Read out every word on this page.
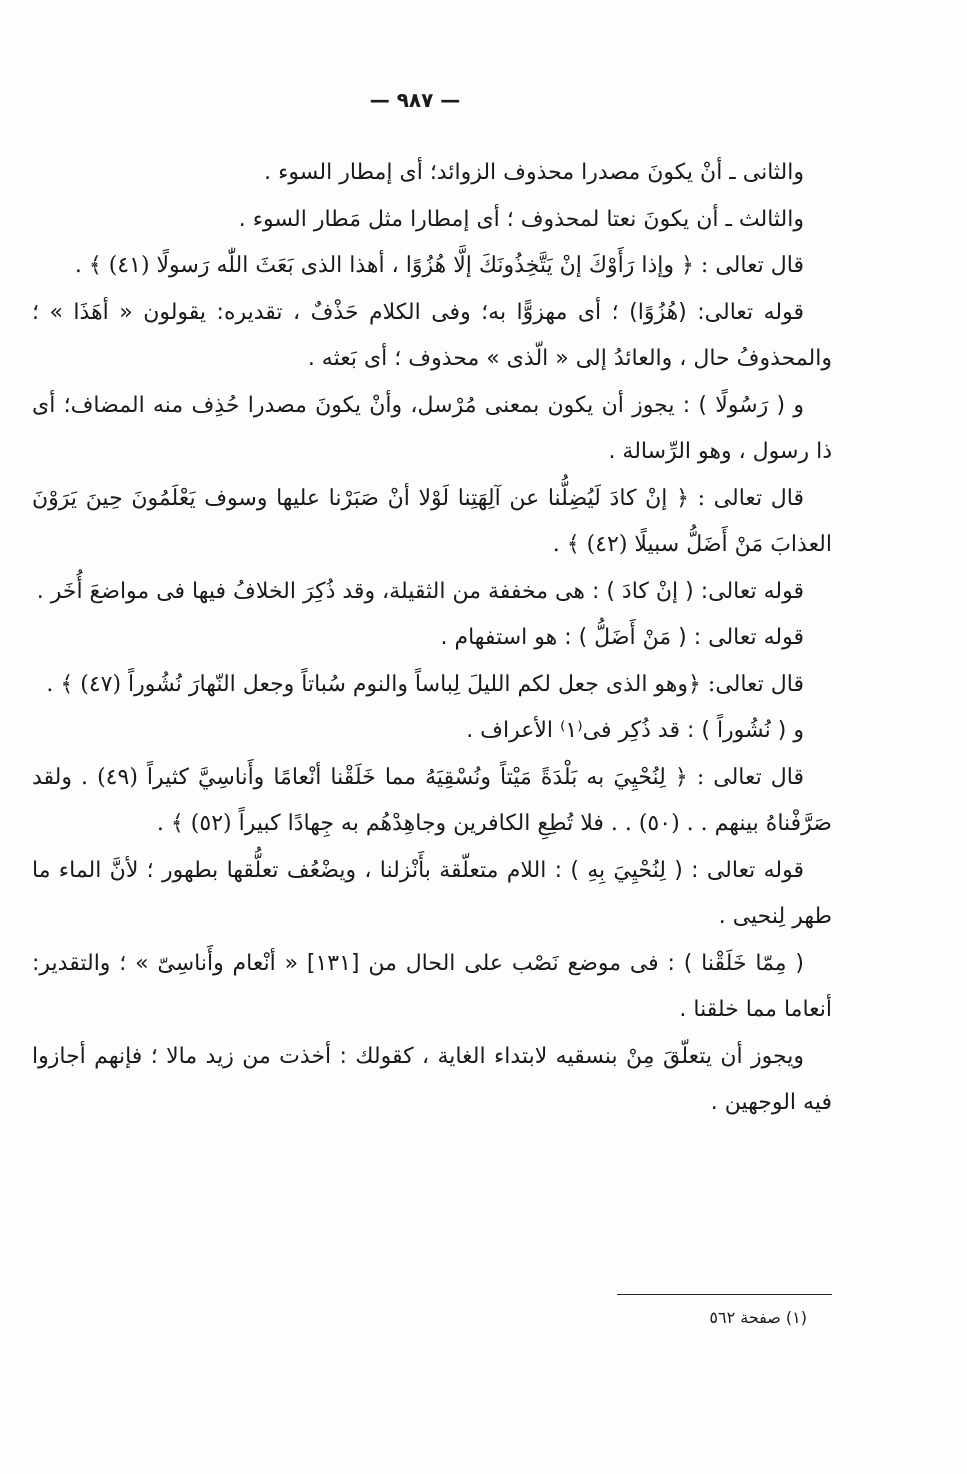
— ٩٨٧ —

والثانى ـ أنْ يكونَ مصدرا محذوف الزوائد؛ أى إمطار السوء .

والثالث ـ أن يكونَ نعتا لمحذوف ؛ أى إمطارا مثل مَطار السوء .

قال تعالى : ﴿ وإذا رَأَوْكَ إنْ يَتَّخِذُونَكَ إلَّا هُزُوًا ، أهذا الذى بَعَثَ اللّٰه رَسولًا (٤١) ﴾ .

قوله تعالى: (هُزُوًا) ؛ أى مهزوًّا به؛ وفى الكلام حَذْفٌ ، تقديره: يقولون « أهَذَا » ؛ والمحذوفُ حال ، والعائدُ إلى « الّذى » محذوف ؛ أى بَعثه .

و ( رَسُولًا ) : يجوز أن يكون بمعنى مُرْسل، وأنْ يكونَ مصدرا حُذِف منه المضاف؛ أى ذا رسول ، وهو الرِّسالة .

قال تعالى : ﴿ إنْ كادَ لَيُضِلُّنا عن آلِهَتِنا لَوْلا أنْ صَبَرْنا عليها وسوف يَعْلَمُونَ حِينَ يَرَوْنَ العذابَ مَنْ أَضَلُّ سبيلًا (٤٢) ﴾ .

قوله تعالى: ( إنْ كادَ ) : هى مخففة من الثقيلة، وقد ذُكِرَ الخلافُ فيها فى مواضعَ أُخَر .

قوله تعالى : ( مَنْ أَضَلُّ ) : هو استفهام .

قال تعالى: ﴿وهو الذى جعل لكم الليلَ لِباساً والنوم سُباتاً وجعل النّهارَ نُشُوراً (٤٧) ﴾ .

و ( نُشُوراً ) : قد ذُكِر فى⁽١⁾ الأعراف .

قال تعالى : ﴿ لِنُحْيِيَ به بَلْدَةً مَيْتاً ونُسْقِيَهُ مما خَلَقْنا أنْعامًا وأَناسِيَّ كثيراً (٤٩) . ولقد صَرَّفْناهُ بينهم . . (٥٠) . . فلا تُطِعِ الكافرين وجاهِدْهُم به جِهادًا كبيراً (٥٢) ﴾ .

قوله تعالى : ( لِنُحْيِيَ بِهِ ) : اللام متعلّقة بأَنْزلنا ، ويضْعُف تعلُّقها بطهور ؛ لأنَّ الماء ما طهر لِنحيى .

( مِمّا خَلَقْنا ) : فى موضع نَصْب على الحال من [١٣١] « أنْعام وأَناسِىّ » ؛ والتقدير: أنعاما مما خلقنا .

ويجوز أن يتعلّقَ مِنْ بنسقيه لابتداء الغاية ، كقولك : أخذت من زيد مالا ؛ فإنهم أجازوا فيه الوجهين .

(١) صفحة ٥٦٢
